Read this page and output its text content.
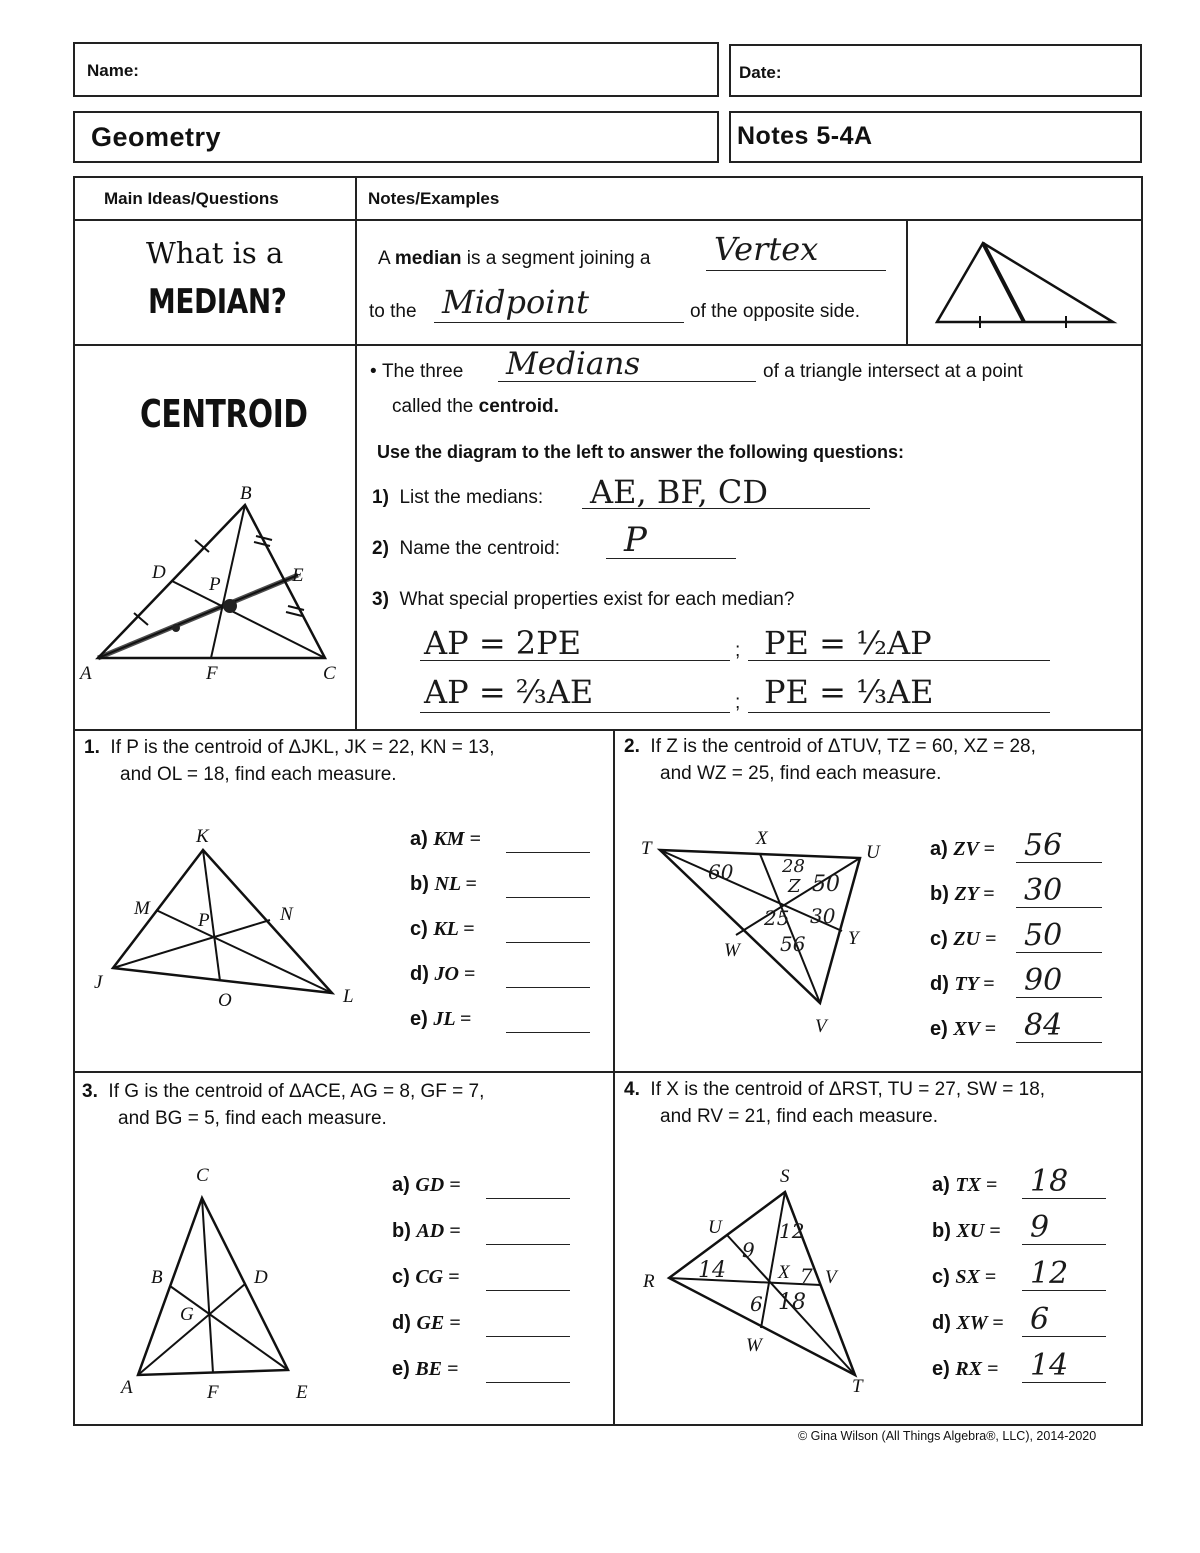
Name:	Date:
Geometry	Notes 5-4A
Main Ideas/Questions	Notes/Examples
What is a
MEDIAN?
A median is a segment joining a Vertex
to the Midpoint	of the opposite side.
CENTROID
B
D
P	E
A	F	C
• The three Medians	of a triangle intersect at a point
called the centroid.
Use the diagram to the left to answer the following questions:
1) List the medians: AE, BF, CD
2) Name the centroid: P
3) What special properties exist for each median?
AP = 2PE	; PE = ½AP
AP = ⅔AE	; PE = ⅓AE
1. If P is the centroid of ΔJKL, JK = 22, KN = 13,
and OL = 18, find each measure.
K
M	N
P
J
O	L
a) KM =
b) NL =
c) KL =
d) JO =
e) JL =
2. If Z is the centroid of ΔTUV, TZ = 60, XZ = 28,
and WZ = 25, find each measure.
T	X
U
W
Y
V
60	28
Z 50
25 30
56
a) ZV = 56
b) ZY = 30
c) ZU = 50
d) TY = 90
e) XV = 84
3. If G is the centroid of ΔACE, AG = 8, GF = 7,
and BG = 5, find each measure.
C
B	D
G
A	F	E
a) GD =
b) AD =
c) CG =
d) GE =
e) BE =
4. If X is the centroid of ΔRST, TU = 27, SW = 18,
and RV = 21, find each measure.
S
U
R	X V
W
T
12
9
14	7
6 18
a) TX = 18
b) XU = 9
c) SX = 12
d) XW = 6
e) RX = 14
© Gina Wilson (All Things Algebra®, LLC), 2014-2020
